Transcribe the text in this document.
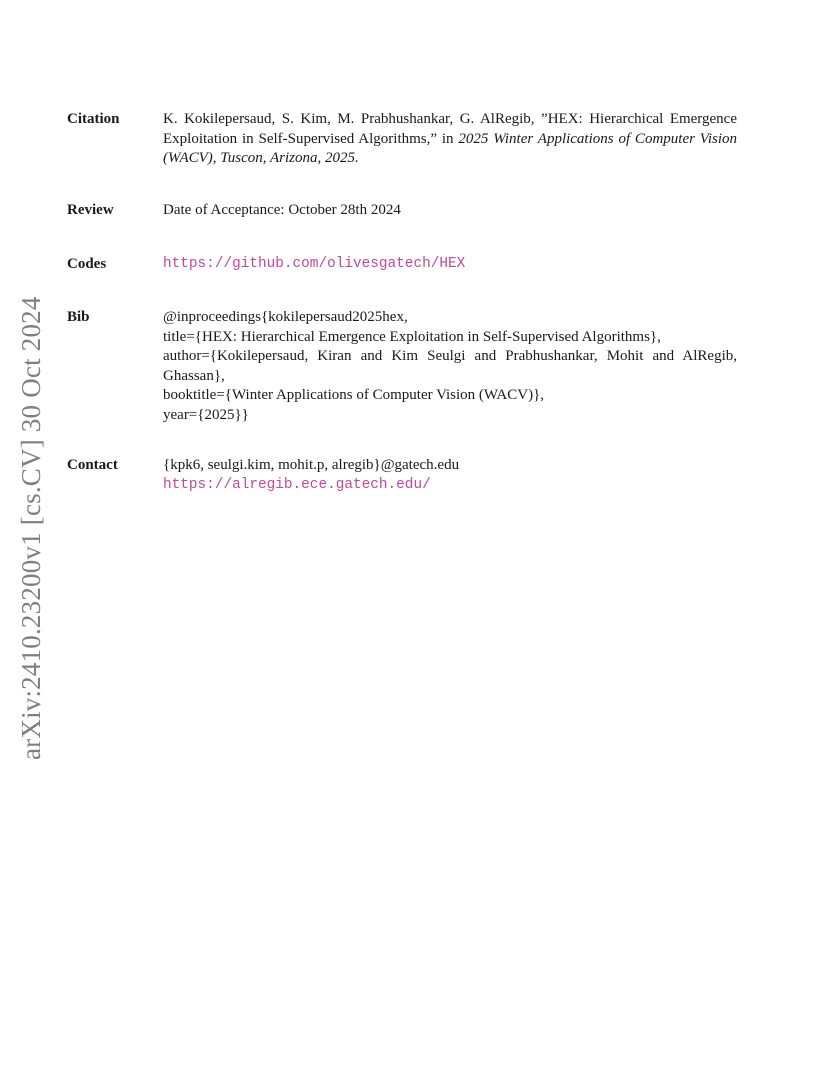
arXiv:2410.23200v1 [cs.CV] 30 Oct 2024
Citation	K. Kokilepersaud, S. Kim, M. Prabhushankar, G. AlRegib, ”HEX: Hierarchical Emergence Exploitation in Self-Supervised Algorithms,” in 2025 Winter Applications of Computer Vision (WACV), Tuscon, Arizona, 2025.
Review	Date of Acceptance: October 28th 2024
Codes	https://github.com/olivesgatech/HEX
Bib	@inproceedings{kokilepersaud2025hex,
title={HEX: Hierarchical Emergence Exploitation in Self-Supervised Algorithms},
author={Kokilepersaud, Kiran and Kim Seulgi and Prabhushankar, Mohit and AlRegib, Ghassan},
booktitle={Winter Applications of Computer Vision (WACV)},
year={2025}}
Contact	{kpk6, seulgi.kim, mohit.p, alregib}@gatech.edu
https://alregib.ece.gatech.edu/
